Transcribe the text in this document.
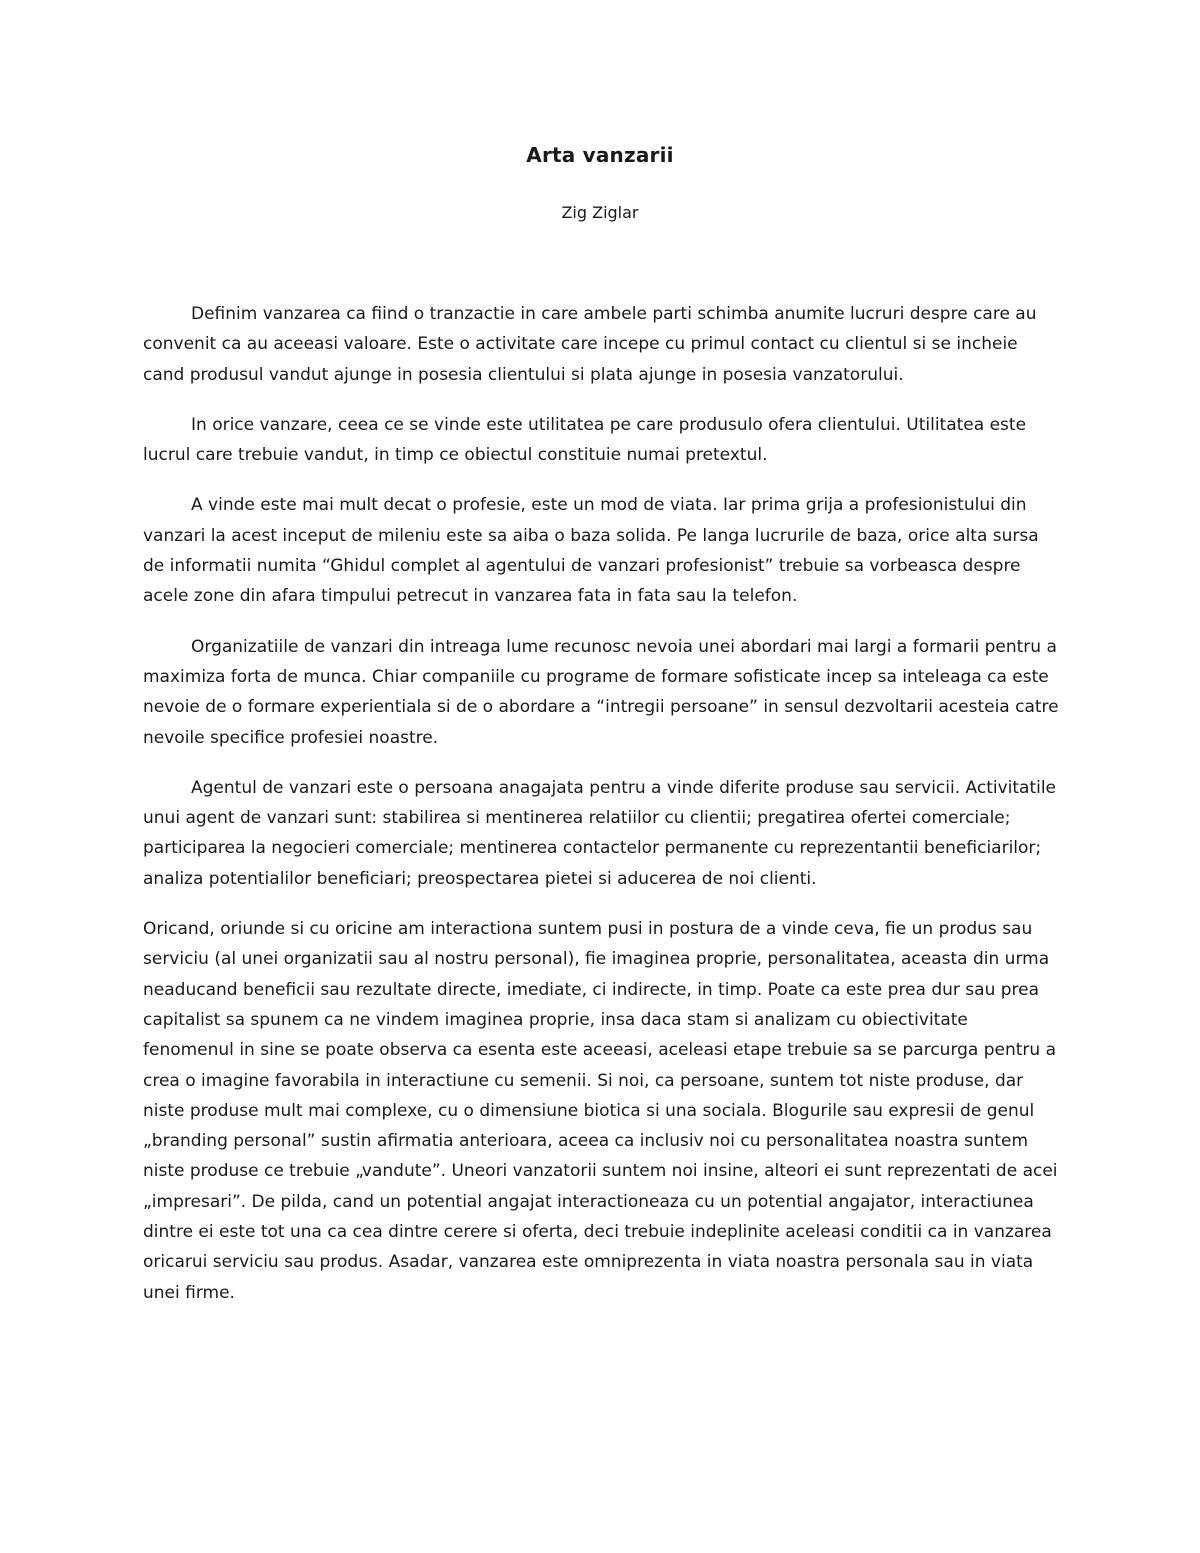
Arta vanzarii
Zig Ziglar

Definim vanzarea ca fiind o tranzactie in care ambele parti schimba anumite lucruri despre care au convenit ca au aceeasi valoare. Este o activitate care incepe cu primul contact cu clientul si se incheie cand produsul vandut ajunge in posesia clientului si plata ajunge in posesia vanzatorului.

In orice vanzare, ceea ce se vinde este utilitatea pe care produsulo ofera clientului. Utilitatea este lucrul care trebuie vandut, in timp ce obiectul constituie numai pretextul.

A vinde este mai mult decat o profesie, este un mod de viata. Iar prima grija a profesionistului din vanzari la acest inceput de mileniu este sa aiba o baza solida. Pe langa lucrurile de baza, orice alta sursa de informatii numita “Ghidul complet al agentului de vanzari profesionist” trebuie sa vorbeasca despre acele zone din afara timpului petrecut in vanzarea fata in fata sau la telefon.

Organizatiile de vanzari din intreaga lume recunosc nevoia unei abordari mai largi a formarii pentru a maximiza forta de munca. Chiar companiile cu programe de formare sofisticate incep sa inteleaga ca este nevoie de o formare experientiala si de o abordare a “intregii persoane” in sensul dezvoltarii acesteia catre nevoile specifice profesiei noastre.

Agentul de vanzari este o persoana anagajata pentru a vinde diferite produse sau servicii. Activitatile unui agent de vanzari sunt: stabilirea si mentinerea relatiilor cu clientii; pregatirea ofertei comerciale; participarea la negocieri comerciale; mentinerea contactelor permanente cu reprezentantii beneficiarilor; analiza potentialilor beneficiari; preospectarea pietei si aducerea de noi clienti.

Oricand, oriunde si cu oricine am interactiona suntem pusi in postura de a vinde ceva, fie un produs sau serviciu (al unei organizatii sau al nostru personal), fie imaginea proprie, personalitatea, aceasta din urma neaducand beneficii sau rezultate directe, imediate, ci indirecte, in timp. Poate ca este prea dur sau prea capitalist sa spunem ca ne vindem imaginea proprie, insa daca stam si analizam cu obiectivitate fenomenul in sine se poate observa ca esenta este aceeasi, aceleasi etape trebuie sa se parcurga pentru a crea o imagine favorabila in interactiune cu semenii. Si noi, ca persoane, suntem tot niste produse, dar niste produse mult mai complexe, cu o dimensiune biotica si una sociala. Blogurile sau expresii de genul „branding personal” sustin afirmatia anterioara, aceea ca inclusiv noi cu personalitatea noastra suntem niste produse ce trebuie „vandute”. Uneori vanzatorii suntem noi insine, alteori ei sunt reprezentati de acei „impresari”. De pilda, cand un potential angajat interactioneaza cu un potential angajator, interactiunea dintre ei este tot una ca cea dintre cerere si oferta, deci trebuie indeplinite aceleasi conditii ca in vanzarea oricarui serviciu sau produs. Asadar, vanzarea este omniprezenta in viata noastra personala sau in viata unei firme.
